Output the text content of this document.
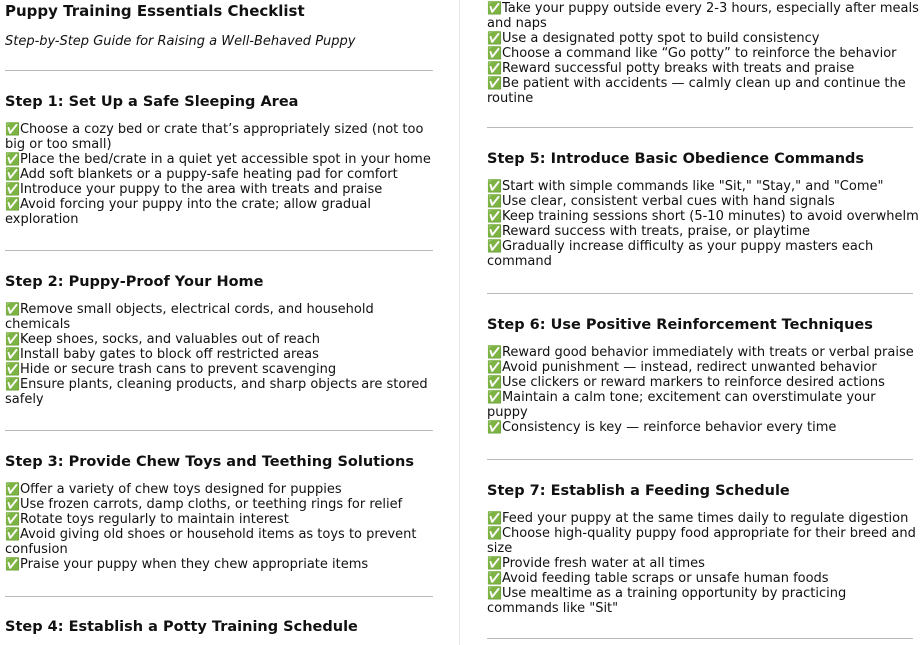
Puppy Training Essentials Checklist

Step-by-Step Guide for Raising a Well-Behaved Puppy

Step 1: Set Up a Safe Sleeping Area
✅Choose a cozy bed or crate that’s appropriately sized (not too big or too small)
✅Place the bed/crate in a quiet yet accessible spot in your home
✅Add soft blankets or a puppy-safe heating pad for comfort
✅Introduce your puppy to the area with treats and praise
✅Avoid forcing your puppy into the crate; allow gradual exploration
Step 2: Puppy-Proof Your Home
✅Remove small objects, electrical cords, and household chemicals
✅Keep shoes, socks, and valuables out of reach
✅Install baby gates to block off restricted areas
✅Hide or secure trash cans to prevent scavenging
✅Ensure plants, cleaning products, and sharp objects are stored safely
Step 3: Provide Chew Toys and Teething Solutions
✅Offer a variety of chew toys designed for puppies
✅Use frozen carrots, damp cloths, or teething rings for relief
✅Rotate toys regularly to maintain interest
✅Avoid giving old shoes or household items as toys to prevent confusion
✅Praise your puppy when they chew appropriate items
Step 4: Establish a Potty Training Schedule
✅Take your puppy outside every 2-3 hours, especially after meals and naps
✅Use a designated potty spot to build consistency
✅Choose a command like “Go potty” to reinforce the behavior
✅Reward successful potty breaks with treats and praise
✅Be patient with accidents — calmly clean up and continue the routine
Step 5: Introduce Basic Obedience Commands
✅Start with simple commands like "Sit," "Stay," and "Come"
✅Use clear, consistent verbal cues with hand signals
✅Keep training sessions short (5-10 minutes) to avoid overwhelm
✅Reward success with treats, praise, or playtime
✅Gradually increase difficulty as your puppy masters each command
Step 6: Use Positive Reinforcement Techniques
✅Reward good behavior immediately with treats or verbal praise
✅Avoid punishment — instead, redirect unwanted behavior
✅Use clickers or reward markers to reinforce desired actions
✅Maintain a calm tone; excitement can overstimulate your puppy
✅Consistency is key — reinforce behavior every time
Step 7: Establish a Feeding Schedule
✅Feed your puppy at the same times daily to regulate digestion
✅Choose high-quality puppy food appropriate for their breed and size
✅Provide fresh water at all times
✅Avoid feeding table scraps or unsafe human foods
✅Use mealtime as a training opportunity by practicing commands like "Sit"
